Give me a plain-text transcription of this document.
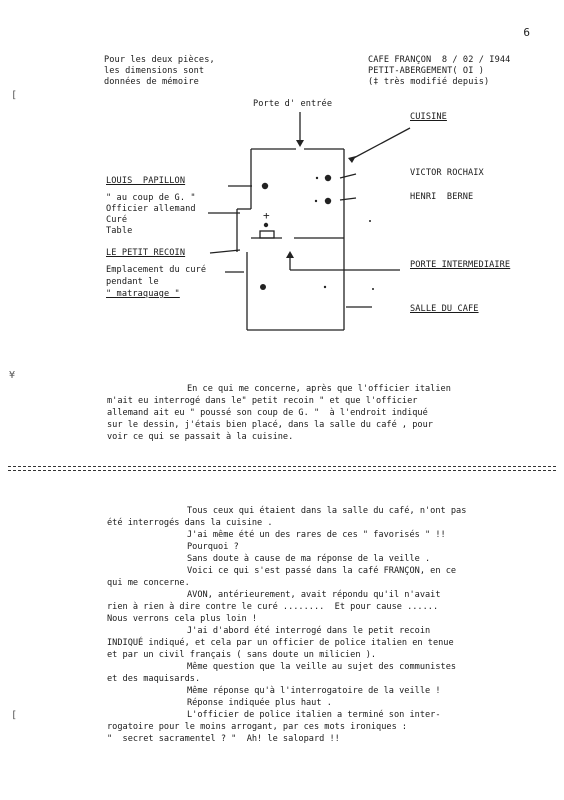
6
Pour les deux pièces,
les dimensions sont
données de mémoire
CAFE FRANÇON  8 / 02 / I944
PETIT-ABERGEMENT( OI )
(‡ très modifié depuis)
+
Porte d' entrée
CUISINE
LOUIS  PAPILLON
" au coup de G. "
Officier allemand
Curé
Table
LE PETIT RECOIN
Emplacement du curé
pendant le
" matraquage "
VICTOR ROCHAIX
HENRI  BERNE
PORTE INTERMEDIAIRE
SALLE DU CAFE
[
¥
[
En ce qui me concerne, après que l'officier italien
m'ait eu interrogé dans le" petit recoin " et que l'officier
allemand ait eu " poussé son coup de G. "  à l'endroit indiqué
sur le dessin, j'étais bien placé, dans la salle du café , pour
voir ce qui se passait à la cuisine.
Tous ceux qui étaient dans la salle du café, n'ont pas
été interrogés dans la cuisine .
J'ai même été un des rares de ces " favorisés " !!
Pourquoi ?
Sans doute à cause de ma réponse de la veille .
Voici ce qui s'est passé dans la café FRANÇON, en ce
qui me concerne.
AVON, antérieurement, avait répondu qu'il n'avait
rien à rien à dire contre le curé ........  Et pour cause ......
Nous verrons cela plus loin !
J'ai d'abord été interrogé dans le petit recoin
INDIQUÉ indiqué, et cela par un officier de police italien en tenue
et par un civil français ( sans doute un milicien ).
Même question que la veille au sujet des communistes
et des maquisards.
Même réponse qu'à l'interrogatoire de la veille !
Réponse indiquée plus haut .
L'officier de police italien a terminé son inter-
rogatoire pour le moins arrogant, par ces mots ironiques :
"  secret sacramentel ? "  Ah! le salopard !!
